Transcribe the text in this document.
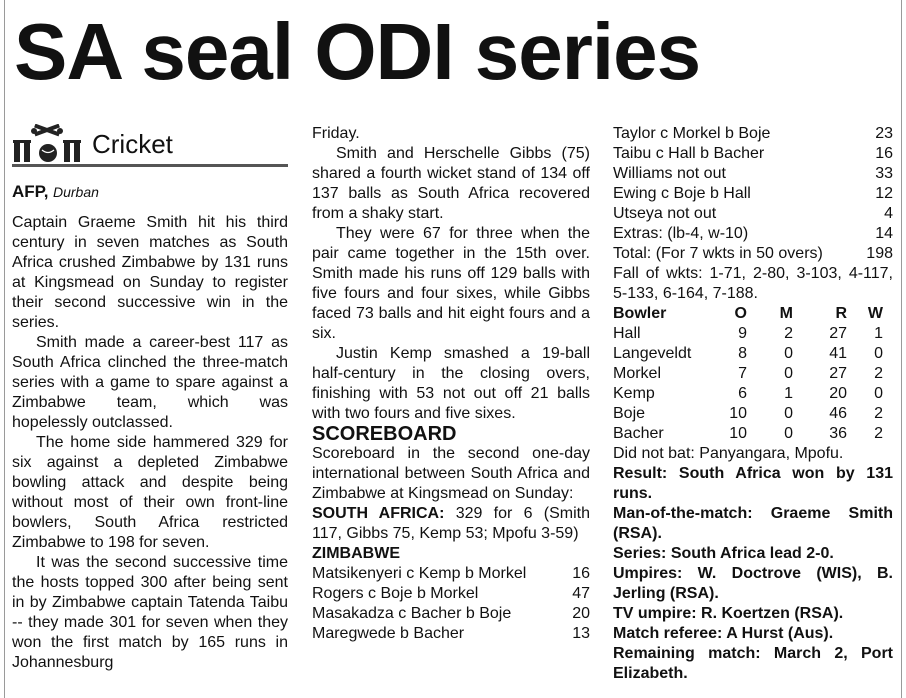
SA seal ODI series
Cricket
AFP, Durban

Captain Graeme Smith hit his third century in seven matches as South Africa crushed Zimbabwe by 131 runs at Kingsmead on Sunday to register their second successive win in the series.

Smith made a career-best 117 as South Africa clinched the three-match series with a game to spare against a Zimbabwe team, which was hopelessly outclassed.

The home side hammered 329 for six against a depleted Zimbabwe bowling attack and despite being without most of their own front-line bowlers, South Africa restricted Zimbabwe to 198 for seven.

It was the second successive time the hosts topped 300 after being sent in by Zimbabwe captain Tatenda Taibu -- they made 301 for seven when they won the first match by 165 runs in Johannesburg

Friday.

Smith and Herschelle Gibbs (75) shared a fourth wicket stand of 134 off 137 balls as South Africa recovered from a shaky start.

They were 67 for three when the pair came together in the 15th over. Smith made his runs off 129 balls with five fours and four sixes, while Gibbs faced 73 balls and hit eight fours and a six.

Justin Kemp smashed a 19-ball half-century in the closing overs, finishing with 53 not out off 21 balls with two fours and five sixes.

SCOREBOARD

Scoreboard in the second one-day international between South Africa and Zimbabwe at Kingsmead on Sunday:

SOUTH AFRICA: 329 for 6 (Smith 117, Gibbs 75, Kemp 53; Mpofu 3-59)

ZIMBABWE
Matsikenyeri c Kemp b Morkel	16
Rogers c Boje b Morkel	47
Masakadza c Bacher b Boje	20
Maregwede b Bacher	13
Taylor c Morkel b Boje	23
Taibu c Hall b Bacher	16
Williams not out	33
Ewing c Boje b Hall	12
Utseya not out	4
Extras: (lb-4, w-10)	14
Total: (For 7 wkts in 50 overs)	198

Fall of wkts: 1-71, 2-80, 3-103, 4-117, 5-133, 6-164, 7-188.

Bowler	O	M	R	W
Hall	9	2	27	1
Langeveldt	8	0	41	0
Morkel	7	0	27	2
Kemp	6	1	20	0
Boje	10	0	46	2
Bacher	10	0	36	2

Did not bat: Panyangara, Mpofu.

Result: South Africa won by 131 runs.

Man-of-the-match: Graeme Smith (RSA).

Series: South Africa lead 2-0.

Umpires: W. Doctrove (WIS), B. Jerling (RSA).

TV umpire: R. Koertzen (RSA).

Match referee: A Hurst (Aus).

Remaining match: March 2, Port Elizabeth.
